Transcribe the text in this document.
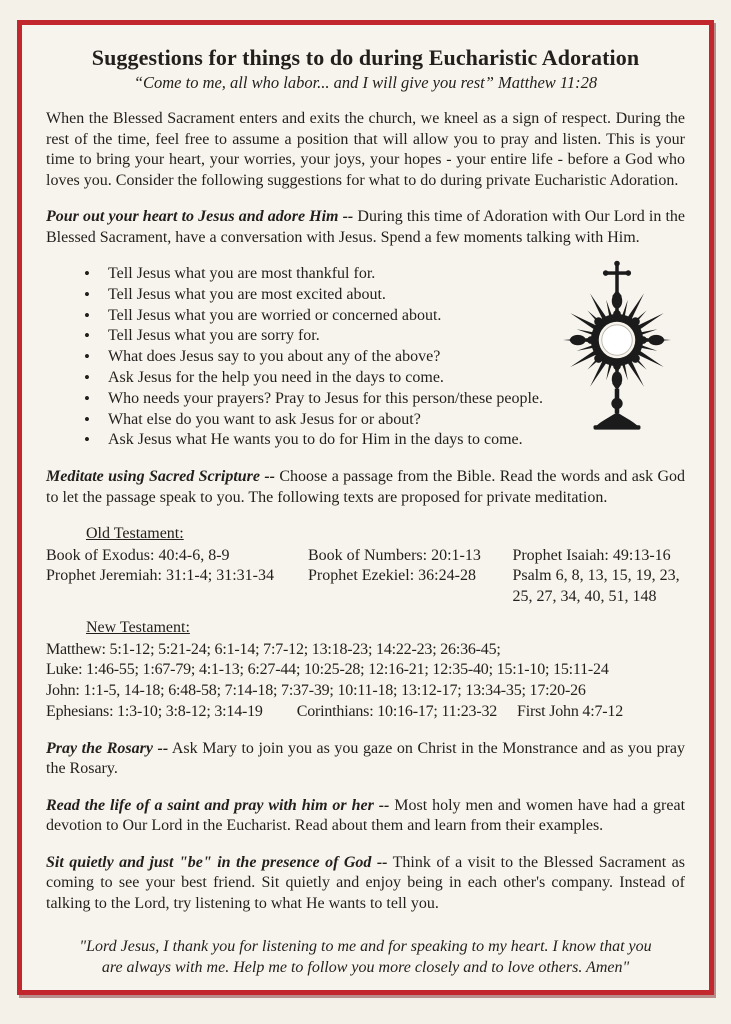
Suggestions for things to do during Eucharistic Adoration
“Come to me, all who labor... and I will give you rest” Matthew 11:28

When the Blessed Sacrament enters and exits the church, we kneel as a sign of respect. During the rest of the time, feel free to assume a position that will allow you to pray and listen. This is your time to bring your heart, your worries, your joys, your hopes - your entire life - before a God who loves you. Consider the following suggestions for what to do during private Eucharistic Adoration.

Pour out your heart to Jesus and adore Him -- During this time of Adoration with Our Lord in the Blessed Sacrament, have a conversation with Jesus. Spend a few moments talking with Him.

• Tell Jesus what you are most thankful for.
• Tell Jesus what you are most excited about.
• Tell Jesus what you are worried or concerned about.
• Tell Jesus what you are sorry for.
• What does Jesus say to you about any of the above?
• Ask Jesus for the help you need in the days to come.
• Who needs your prayers? Pray to Jesus for this person/these people.
• What else do you want to ask Jesus for or about?
• Ask Jesus what He wants you to do for Him in the days to come.

Meditate using Sacred Scripture -- Choose a passage from the Bible. Read the words and ask God to let the passage speak to you. The following texts are proposed for private meditation.

Old Testament:
Book of Exodus: 40:4-6, 8-9
Prophet Jeremiah: 31:1-4; 31:31-34
Book of Numbers: 20:1-13
Prophet Ezekiel: 36:24-28
Prophet Isaiah: 49:13-16
Psalm 6, 8, 13, 15, 19, 23,
25, 27, 34, 40, 51, 148
New Testament:
Matthew: 5:1-12; 5:21-24; 6:1-14; 7:7-12; 13:18-23; 14:22-23; 26:36-45;
Luke: 1:46-55; 1:67-79; 4:1-13; 6:27-44; 10:25-28; 12:16-21; 12:35-40; 15:1-10; 15:11-24
John: 1:1-5, 14-18; 6:48-58; 7:14-18; 7:37-39; 10:11-18; 13:12-17; 13:34-35; 17:20-26
Ephesians: 1:3-10; 3:8-12; 3:14-19 Corinthians: 10:16-17; 11:23-32 First John 4:7-12

Pray the Rosary -- Ask Mary to join you as you gaze on Christ in the Monstrance and as you pray the Rosary.

Read the life of a saint and pray with him or her -- Most holy men and women have had a great devotion to Our Lord in the Eucharist. Read about them and learn from their examples.

Sit quietly and just "be" in the presence of God -- Think of a visit to the Blessed Sacrament as coming to see your best friend. Sit quietly and enjoy being in each other's company. Instead of talking to the Lord, try listening to what He wants to tell you.

"Lord Jesus, I thank you for listening to me and for speaking to my heart. I know that you are always with me. Help me to follow you more closely and to love others. Amen"
